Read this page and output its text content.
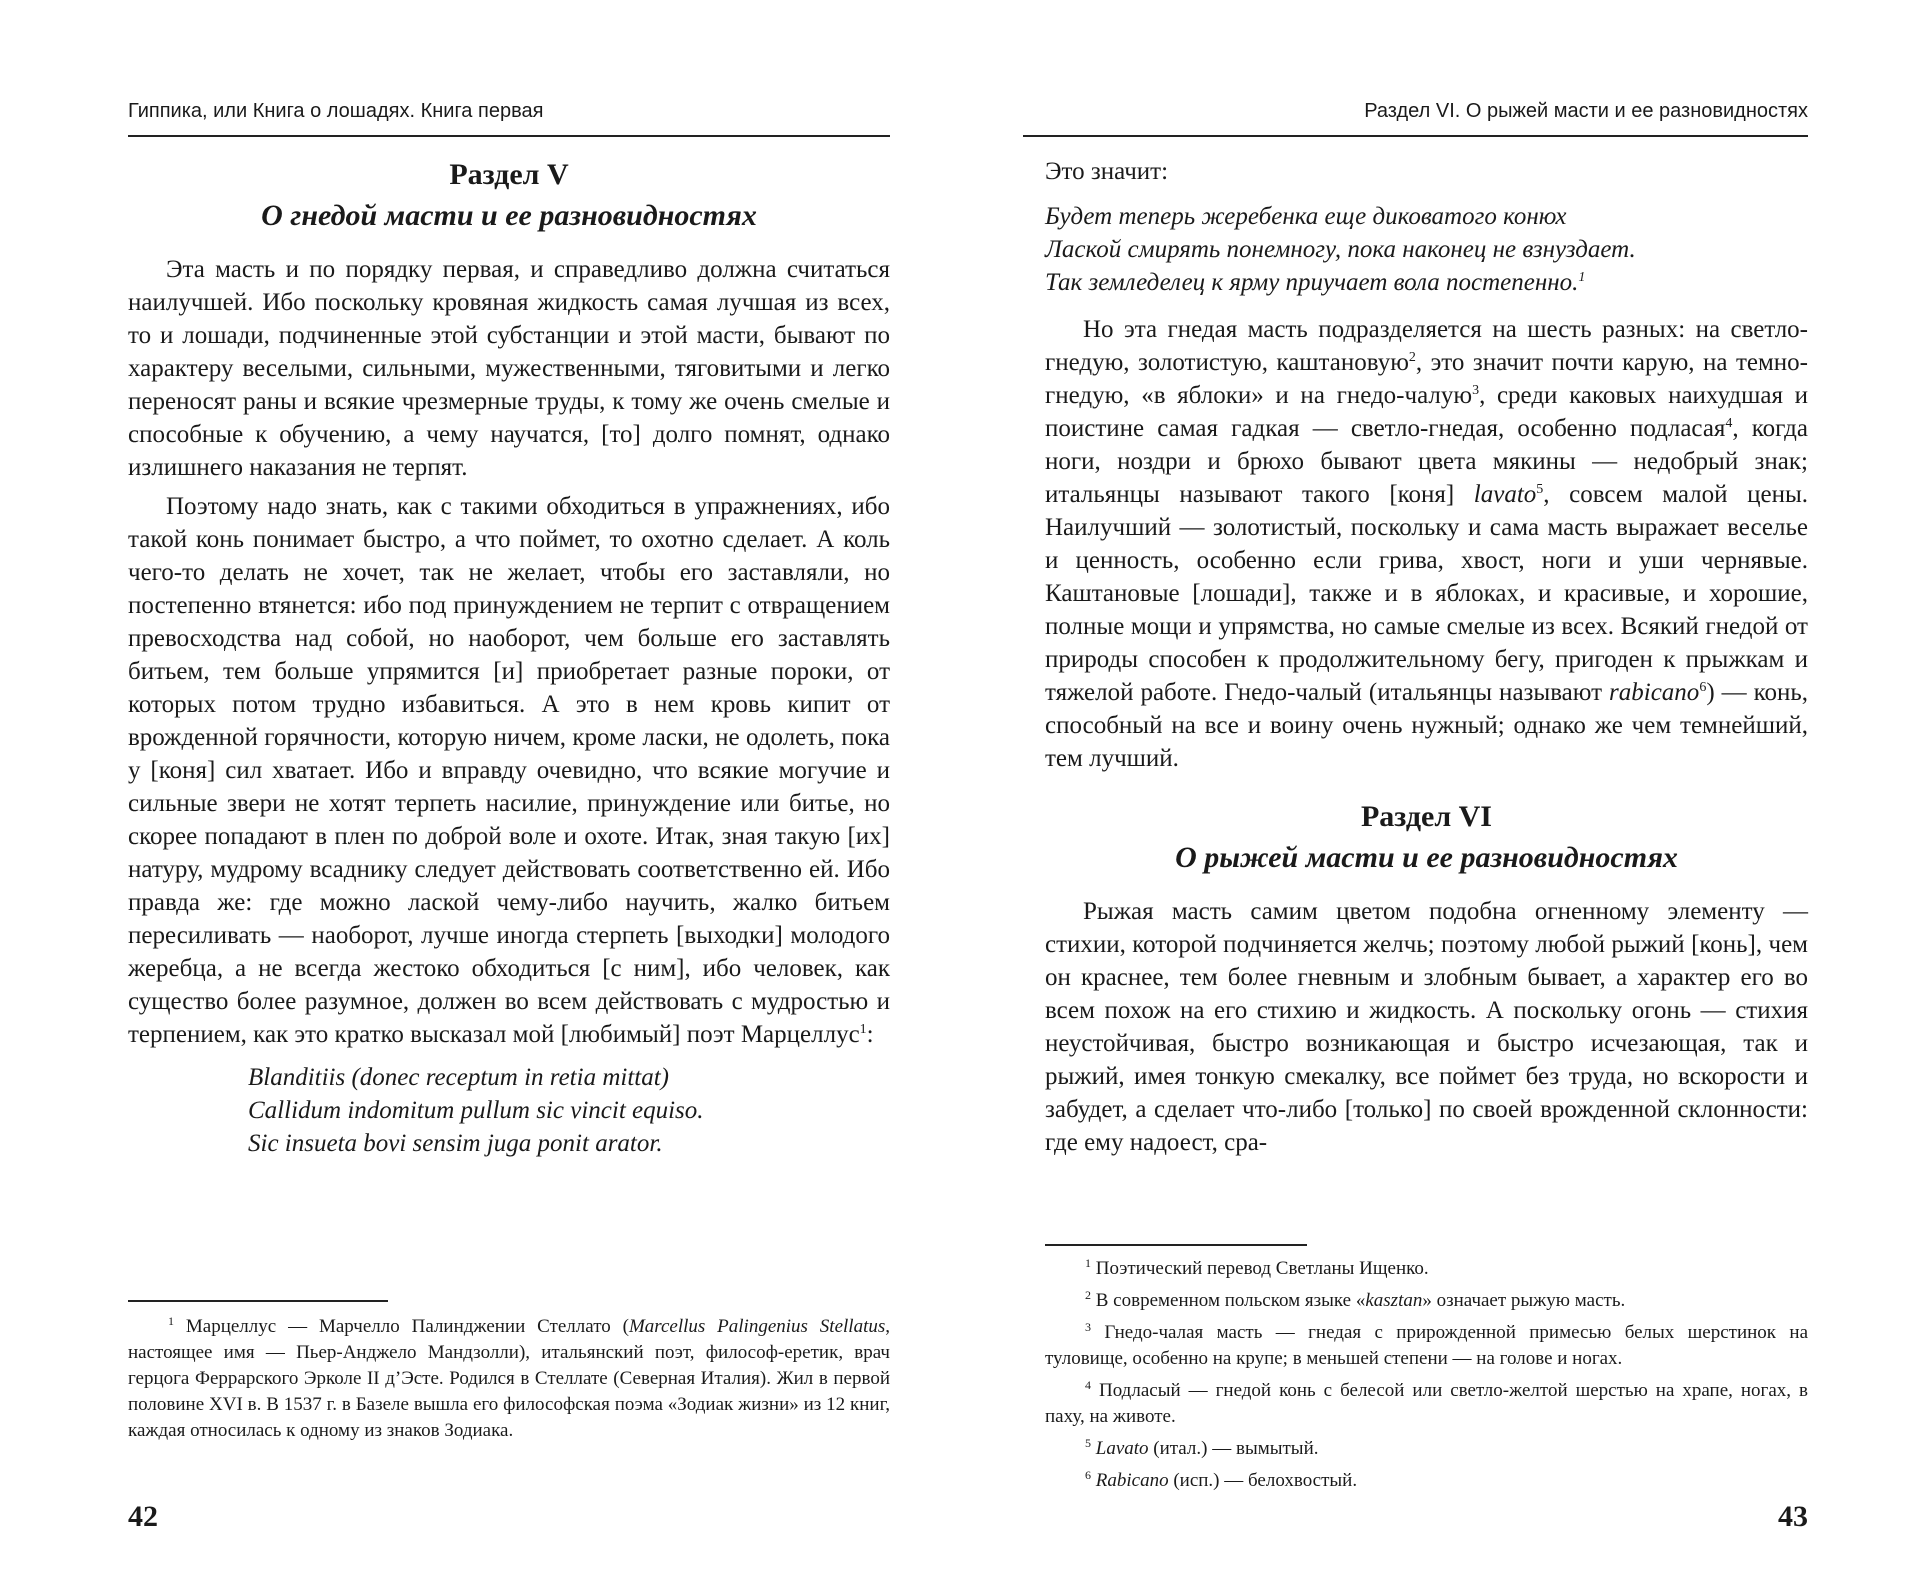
Гиппика, или Книга о лошадях. Книга первая
Раздел V
О гнедой масти и ее разновидностях

Эта масть и по порядку первая, и справедливо должна считаться наилучшей. Ибо поскольку кровяная жидкость самая лучшая из всех, то и лошади, подчиненные этой субстанции и этой масти, бывают по характеру веселыми, сильными, мужественными, тяговитыми и легко переносят раны и всякие чрезмерные труды, к тому же очень смелые и способные к обучению, а чему научатся, [то] долго помнят, однако излишнего наказания не терпят.

Поэтому надо знать, как с такими обходиться в упражнениях, ибо такой конь понимает быстро, а что поймет, то охотно сделает. А коль чего-то делать не хочет, так не желает, чтобы его заставляли, но постепенно втянется: ибо под принуждением не терпит с отвращением превосходства над собой, но наоборот, чем больше его заставлять битьем, тем больше упрямится [и] приобретает разные пороки, от которых потом трудно избавиться. А это в нем кровь кипит от врожденной горячности, которую ничем, кроме ласки, не одолеть, пока у [коня] сил хватает. Ибо и вправду очевидно, что всякие могучие и сильные звери не хотят терпеть насилие, принуждение или битье, но скорее попадают в плен по доброй воле и охоте. Итак, зная такую [их] натуру, мудрому всаднику следует действовать соответственно ей. Ибо правда же: где можно лаской чему-либо научить, жалко битьем пересиливать — наоборот, лучше иногда стерпеть [выходки] молодого жеребца, а не всегда жестоко обходиться [с ним], ибо человек, как существо более разумное, должен во всем действовать с мудростью и терпением, как это кратко высказал мой [любимый] поэт Марцеллус$^1$:

Blanditiis (donec receptum in retia mittat)
Callidum indomitum pullum sic vincit equiso.
Sic insueta bovi sensim juga ponit arator.

$^1$ Марцеллус — Марчелло Палинджении Стеллато (Marcellus Palingenius Stellatus, настоящее имя — Пьер-Анджело Мандзолли), итальянский поэт, философ-еретик, врач герцога Феррарского Эрколе II д’Эсте. Родился в Стеллате (Северная Италия). Жил в первой половине XVI в. В 1537 г. в Базеле вышла его философская поэма «Зодиак жизни» из 12 книг, каждая относилась к одному из знаков Зодиака.

42
Раздел VI. О рыжей масти и ее разновидностях

Это значит:

Будет теперь жеребенка еще диковатого конюх
Лаской смирять понемногу, пока наконец не взнуздает.
Так земледелец к ярму приучает вола постепенно.$^1$

Но эта гнедая масть подразделяется на шесть разных: на светло-гнедую, золотистую, каштановую$^2$, это значит почти карую, на темно-гнедую, «в яблоки» и на гнедо-чалую$^3$, среди каковых наихудшая и поистине самая гадкая — светло-гнедая, особенно подласая$^4$, когда ноги, ноздри и брюхо бывают цвета мякины — недобрый знак; итальянцы называют такого [коня] lavato$^5$, совсем малой цены. Наилучший — золотистый, поскольку и сама масть выражает веселье и ценность, особенно если грива, хвост, ноги и уши чернявые. Каштановые [лошади], также и в яблоках, и красивые, и хорошие, полные мощи и упрямства, но самые смелые из всех. Всякий гнедой от природы способен к продолжительному бегу, пригоден к прыжкам и тяжелой работе. Гнедо-чалый (итальянцы называют rabicano$^6$) — конь, способный на все и воину очень нужный; однако же чем темнейший, тем лучший.

Раздел VI
О рыжей масти и ее разновидностях

Рыжая масть самим цветом подобна огненному элементу — стихии, которой подчиняется желчь; поэтому любой рыжий [конь], чем он краснее, тем более гневным и злобным бывает, а характер его во всем похож на его стихию и жидкость. А поскольку огонь — стихия неустойчивая, быстро возникающая и быстро исчезающая, так и рыжий, имея тонкую смекалку, все поймет без труда, но вскорости и забудет, а сделает что-либо [только] по своей врожденной склонности: где ему надоест, сра-

$^1$ Поэтический перевод Светланы Ищенко.

$^2$ В современном польском языке «kasztan» означает рыжую масть.

$^3$ Гнедо-чалая масть — гнедая с прирожденной примесью белых шерстинок на туловище, особенно на крупе; в меньшей степени — на голове и ногах.

$^4$ Подласый — гнедой конь с белесой или светло-желтой шерстью на храпе, ногах, в паху, на животе.

$^5$ Lavato (итал.) — вымытый.

$^6$ Rabicano (исп.) — белохвостый.

43
